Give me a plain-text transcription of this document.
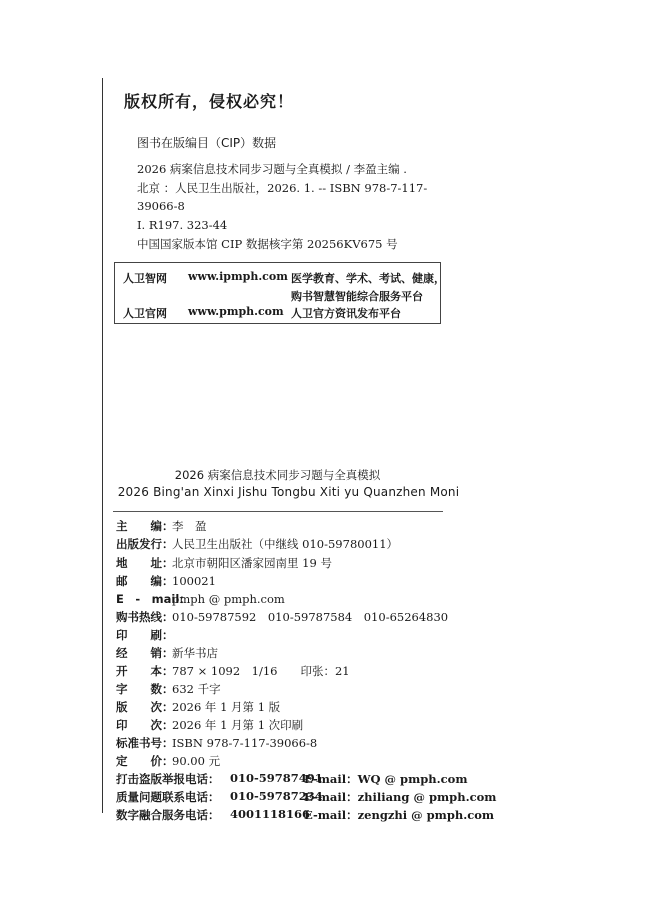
版权所有，侵权必究！
图书在版编目（CIP）数据
2026 病案信息技术同步习题与全真模拟 / 李盈主编 .
北京 ：人民卫生出版社，2026. 1. -- ISBN 978-7-117-
39066-8
Ⅰ. R197. 323-44
中国国家版本馆 CIP 数据核字第 20256KV675 号
人卫智网 www.ipmph.com 医学教育、学术、考试、健康，
购书智慧智能综合服务平台
人卫官网 www.pmph.com 人卫官方资讯发布平台
2026 病案信息技术同步习题与全真模拟
2026 Bing'an Xinxi Jishu Tongbu Xiti yu Quanzhen Moni
主　　编：李　盈
出版发行：人民卫生出版社（中继线 010-59780011）
地　　址：北京市朝阳区潘家园南里 19 号
邮　　编：100021
E　-　mail：pmph @ pmph.com
购书热线：010-59787592　010-59787584　010-65264830
印　　刷：
经　　销：新华书店
开　　本：787 × 1092　1/16　　印张：21
字　　数：632 千字
版　　次：2026 年 1 月第 1 版
印　　次：2026 年 1 月第 1 次印刷
标准书号：ISBN 978-7-117-39066-8
定　　价：90.00 元
打击盗版举报电话： 010-59787491
E-mail：WQ @ pmph.com
质量问题联系电话： 010-59787234
E-mail：zhiliang @ pmph.com
数字融合服务电话： 4001118166
E-mail：zengzhi @ pmph.com
